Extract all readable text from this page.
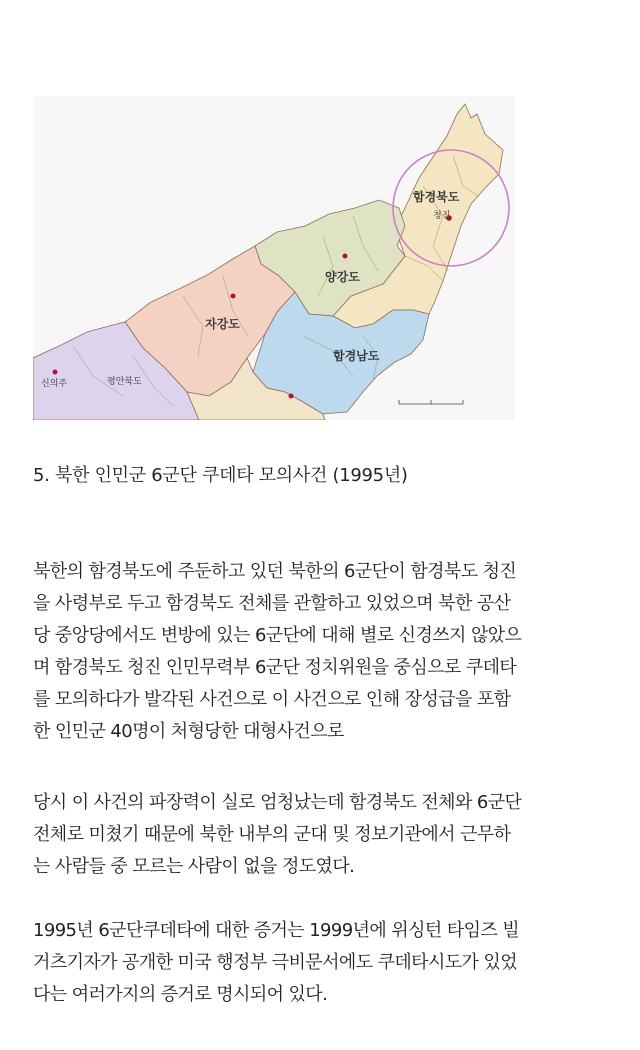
함경북도
청진
양강도
자강도
함경남도
평안북도
신의주
5. 북한 인민군 6군단 쿠데타 모의사건 (1995년)

북한의 함경북도에 주둔하고 있던 북한의 6군단이 함경북도 청진
을 사령부로 두고 함경북도 전체를 관할하고 있었으며 북한 공산
당 중앙당에서도 변방에 있는 6군단에 대해 별로 신경쓰지 않았으
며 함경북도 청진 인민무력부 6군단 정치위원을 중심으로 쿠데타
를 모의하다가 발각된 사건으로 이 사건으로 인해 장성급을 포함
한 인민군 40명이 처형당한 대형사건으로

당시 이 사건의 파장력이 실로 엄청났는데 함경북도 전체와 6군단
전체로 미쳤기 때문에 북한 내부의 군대 및 정보기관에서 근무하
는 사람들 중 모르는 사람이 없을 정도였다.

1995년 6군단쿠데타에 대한 증거는 1999년에 위싱턴 타임즈 빌
거츠기자가 공개한 미국 행정부 극비문서에도 쿠데타시도가 있었
다는 여러가지의 증거로 명시되어 있다.
